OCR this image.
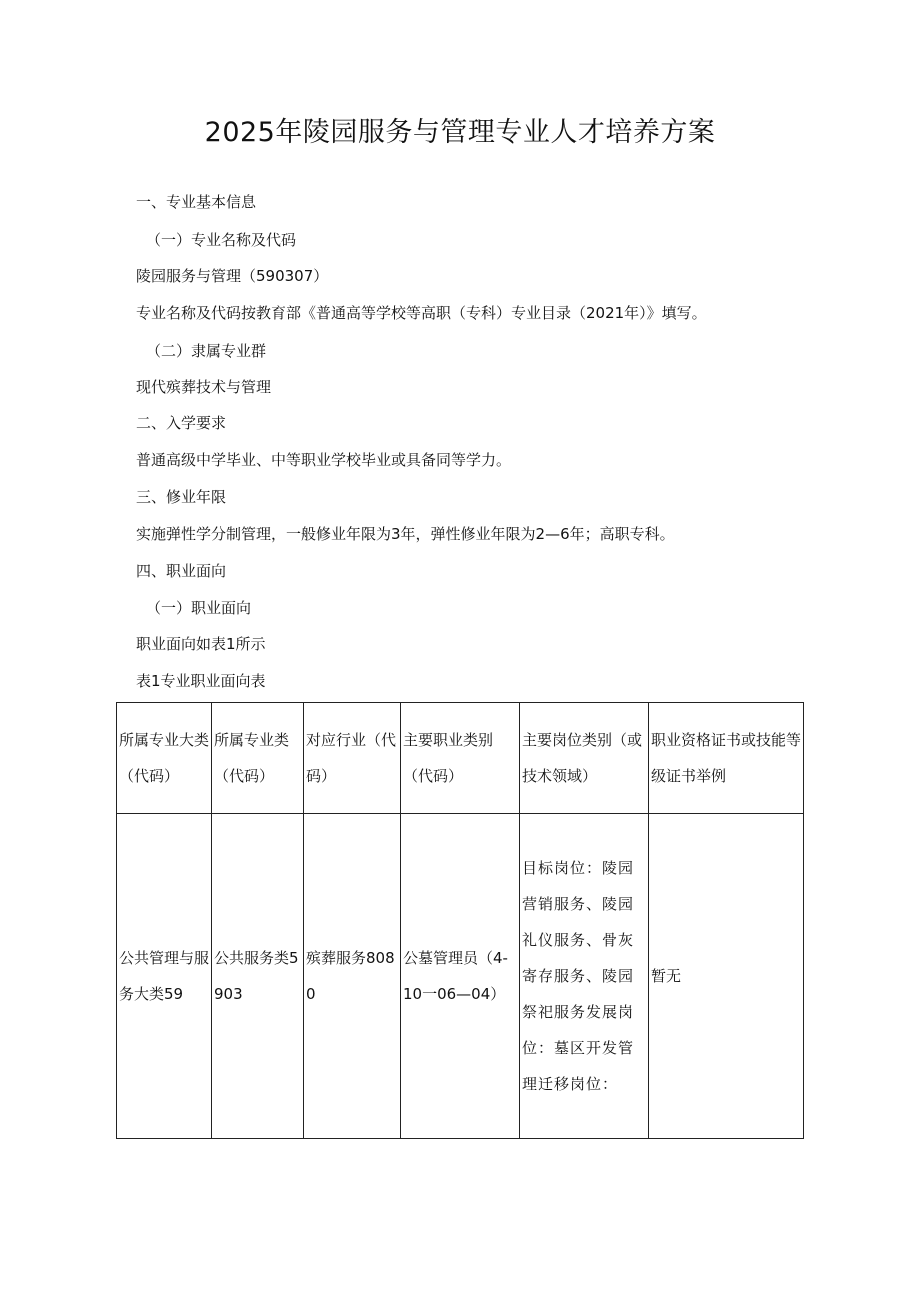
2025年陵园服务与管理专业人才培养方案
一、专业基本信息
（一）专业名称及代码
陵园服务与管理（590307）
专业名称及代码按教育部《普通高等学校等高职（专科）专业目录（2021年）》填写。
（二）隶属专业群
现代殡葬技术与管理
二、入学要求
普通高级中学毕业、中等职业学校毕业或具备同等学力。
三、修业年限
实施弹性学分制管理，一般修业年限为3年，弹性修业年限为2—6年；高职专科。
四、职业面向
（一）职业面向
职业面向如表1所示
表1专业职业面向表
所属专业大类（代码）	所属专业类（代码）	对应行业（代码）	主要职业类别（代码）	主要岗位类别（或技术领域）	职业资格证书或技能等级证书举例
公共管理与服务大类59	公共服务类5903	殡葬服务8080	公墓管理员（4-10一06—04）	目标岗位：陵园营销服务、陵园礼仪服务、骨灰寄存服务、陵园祭祀服务发展岗位：墓区开发管理迁移岗位：	暂无
